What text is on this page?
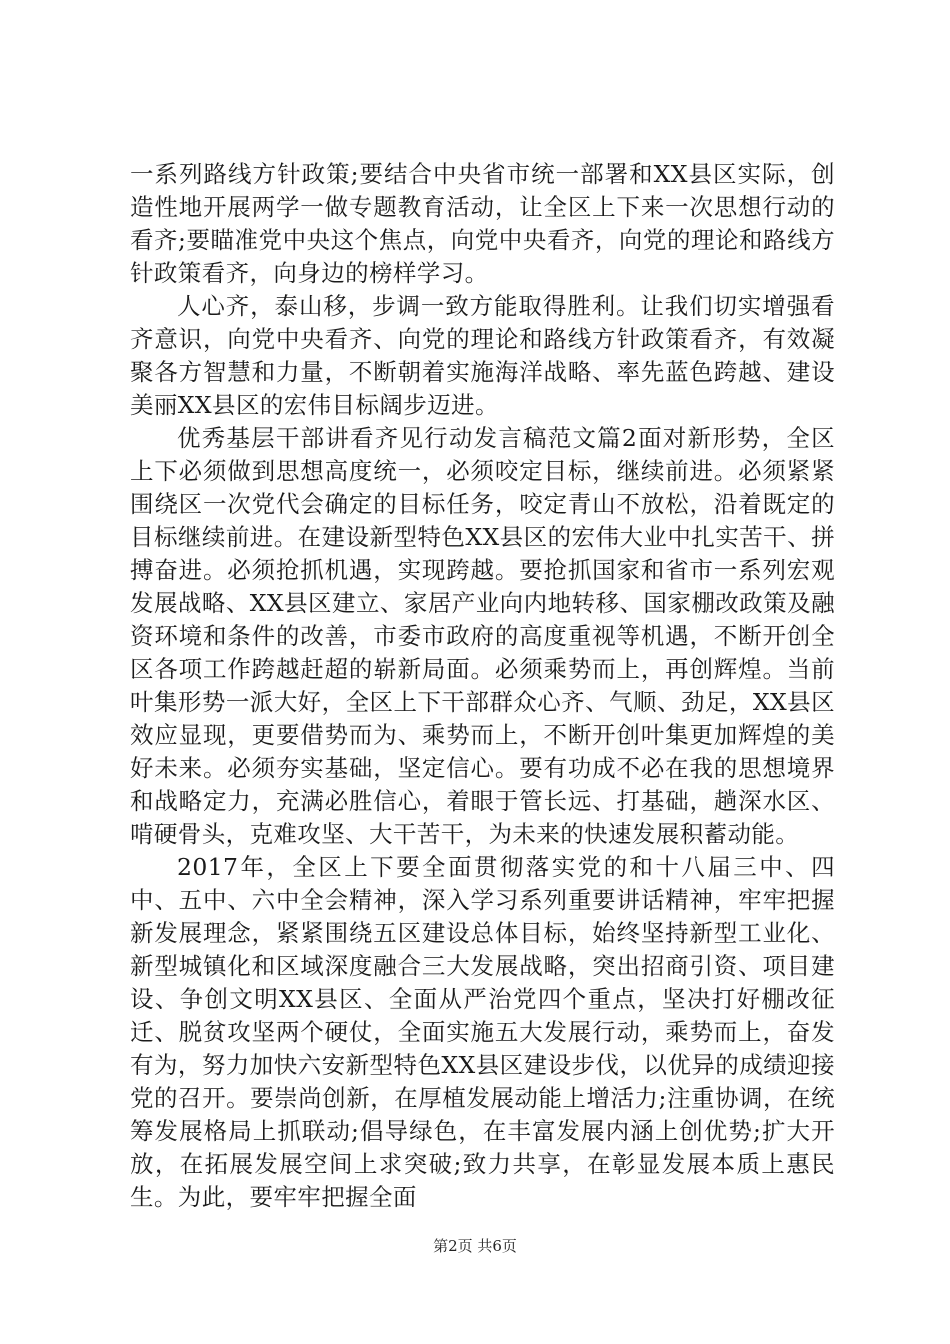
一系列路线方针政策;要结合中央省市统一部署和XX县区实际，创造性地开展两学一做专题教育活动，让全区上下来一次思想行动的看齐;要瞄准党中央这个焦点，向党中央看齐，向党的理论和路线方针政策看齐，向身边的榜样学习。

人心齐，泰山移，步调一致方能取得胜利。让我们切实增强看齐意识，向党中央看齐、向党的理论和路线方针政策看齐，有效凝聚各方智慧和力量，不断朝着实施海洋战略、率先蓝色跨越、建设美丽XX县区的宏伟目标阔步迈进。

优秀基层干部讲看齐见行动发言稿范文篇2面对新形势，全区上下必须做到思想高度统一，必须咬定目标，继续前进。必须紧紧围绕区一次党代会确定的目标任务，咬定青山不放松，沿着既定的目标继续前进。在建设新型特色XX县区的宏伟大业中扎实苦干、拼搏奋进。必须抢抓机遇，实现跨越。要抢抓国家和省市一系列宏观发展战略、XX县区建立、家居产业向内地转移、国家棚改政策及融资环境和条件的改善，市委市政府的高度重视等机遇，不断开创全区各项工作跨越赶超的崭新局面。必须乘势而上，再创辉煌。当前叶集形势一派大好，全区上下干部群众心齐、气顺、劲足，XX县区效应显现，更要借势而为、乘势而上，不断开创叶集更加辉煌的美好未来。必须夯实基础，坚定信心。要有功成不必在我的思想境界和战略定力，充满必胜信心，着眼于管长远、打基础，趟深水区、啃硬骨头，克难攻坚、大干苦干，为未来的快速发展积蓄动能。

2017年，全区上下要全面贯彻落实党的和十八届三中、四中、五中、六中全会精神，深入学习系列重要讲话精神，牢牢把握新发展理念，紧紧围绕五区建设总体目标，始终坚持新型工业化、新型城镇化和区域深度融合三大发展战略，突出招商引资、项目建设、争创文明XX县区、全面从严治党四个重点，坚决打好棚改征迁、脱贫攻坚两个硬仗，全面实施五大发展行动，乘势而上，奋发有为，努力加快六安新型特色XX县区建设步伐，以优异的成绩迎接党的召开。要崇尚创新，在厚植发展动能上增活力;注重协调，在统筹发展格局上抓联动;倡导绿色，在丰富发展内涵上创优势;扩大开放，在拓展发展空间上求突破;致力共享，在彰显发展本质上惠民生。为此，要牢牢把握全面

第2页 共6页
